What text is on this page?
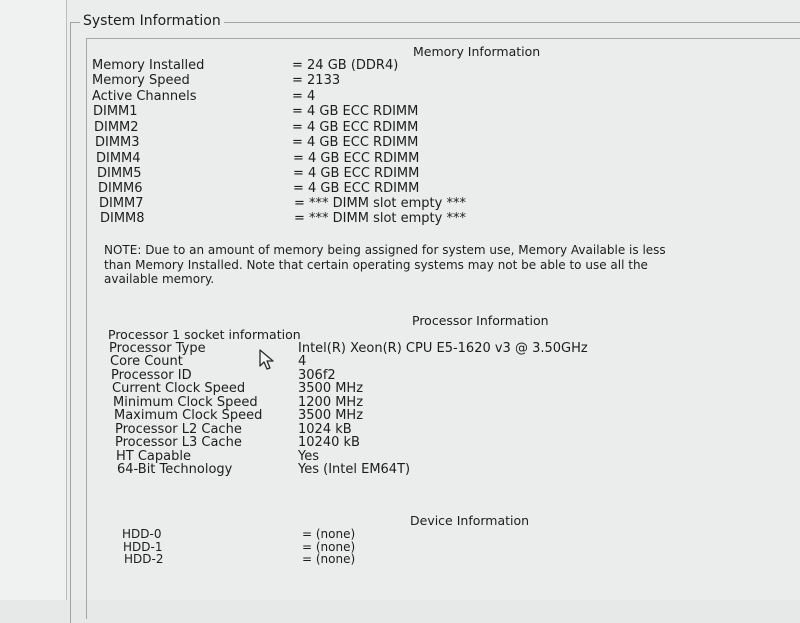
System Information
Memory Information
Memory Installed	= 24 GB (DDR4)
Memory Speed	= 2133
Active Channels	= 4
DIMM1	= 4 GB ECC RDIMM
DIMM2	= 4 GB ECC RDIMM
DIMM3	= 4 GB ECC RDIMM
DIMM4	= 4 GB ECC RDIMM
DIMM5	= 4 GB ECC RDIMM
DIMM6	= 4 GB ECC RDIMM
DIMM7	= *** DIMM slot empty ***
DIMM8	= *** DIMM slot empty ***
NOTE: Due to an amount of memory being assigned for system use, Memory Available is less
than Memory Installed. Note that certain operating systems may not be able to use all the
available memory.
Processor Information
Processor 1 socket information
Processor Type	Intel(R) Xeon(R) CPU E5-1620 v3 @ 3.50GHz
Core Count	4
Processor ID	306f2
Current Clock Speed	3500 MHz
Minimum Clock Speed	1200 MHz
Maximum Clock Speed	3500 MHz
Processor L2 Cache	1024 kB
Processor L3 Cache	10240 kB
HT Capable	Yes
64-Bit Technology	Yes (Intel EM64T)
Device Information
HDD-0	= (none)
HDD-1	= (none)
HDD-2	= (none)
